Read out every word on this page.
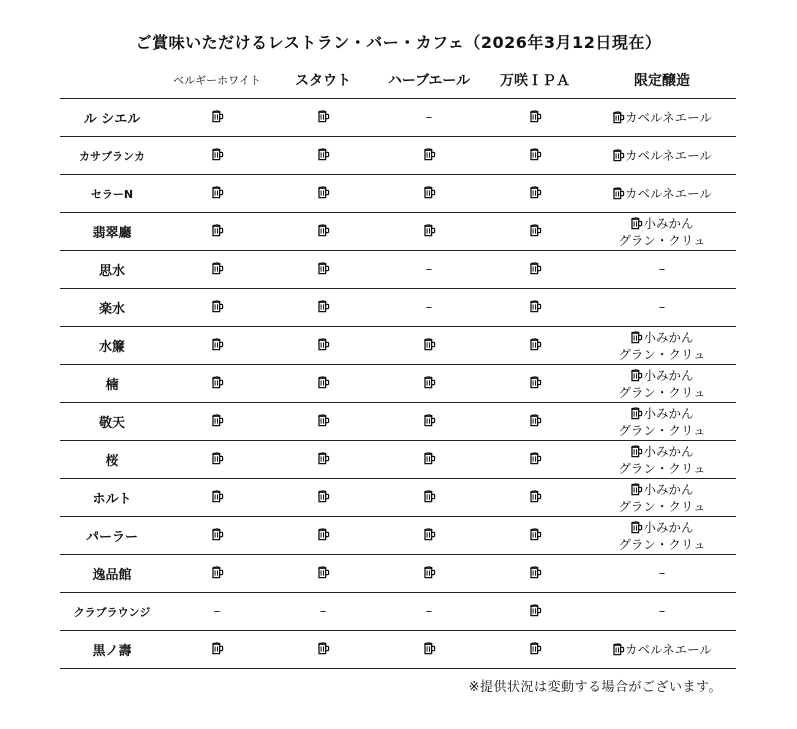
ご賞味いただけるレストラン・バー・カフェ（2026年3月12日現在）
	ベルギーホワイト	スタウト	ハーブエール	万咲ＩＰＡ	限定醸造
ル シエル			–		カベルネエール

カサブランカ					カベルネエール

セラーN					カベルネエール

翡翠廳					小みかん
グラン・クリュ

思水			–		–
楽水			–		–
水簾					小みかん
グラン・クリュ

楠					小みかん
グラン・クリュ

敬天					小みかん
グラン・クリュ

桜					小みかん
グラン・クリュ

ホルト					小みかん
グラン・クリュ

パーラー					小みかん
グラン・クリュ

逸品館					–
クラブラウンジ	–	–	–		–
黒ノ壽					カベルネエール
※提供状況は変動する場合がございます。
